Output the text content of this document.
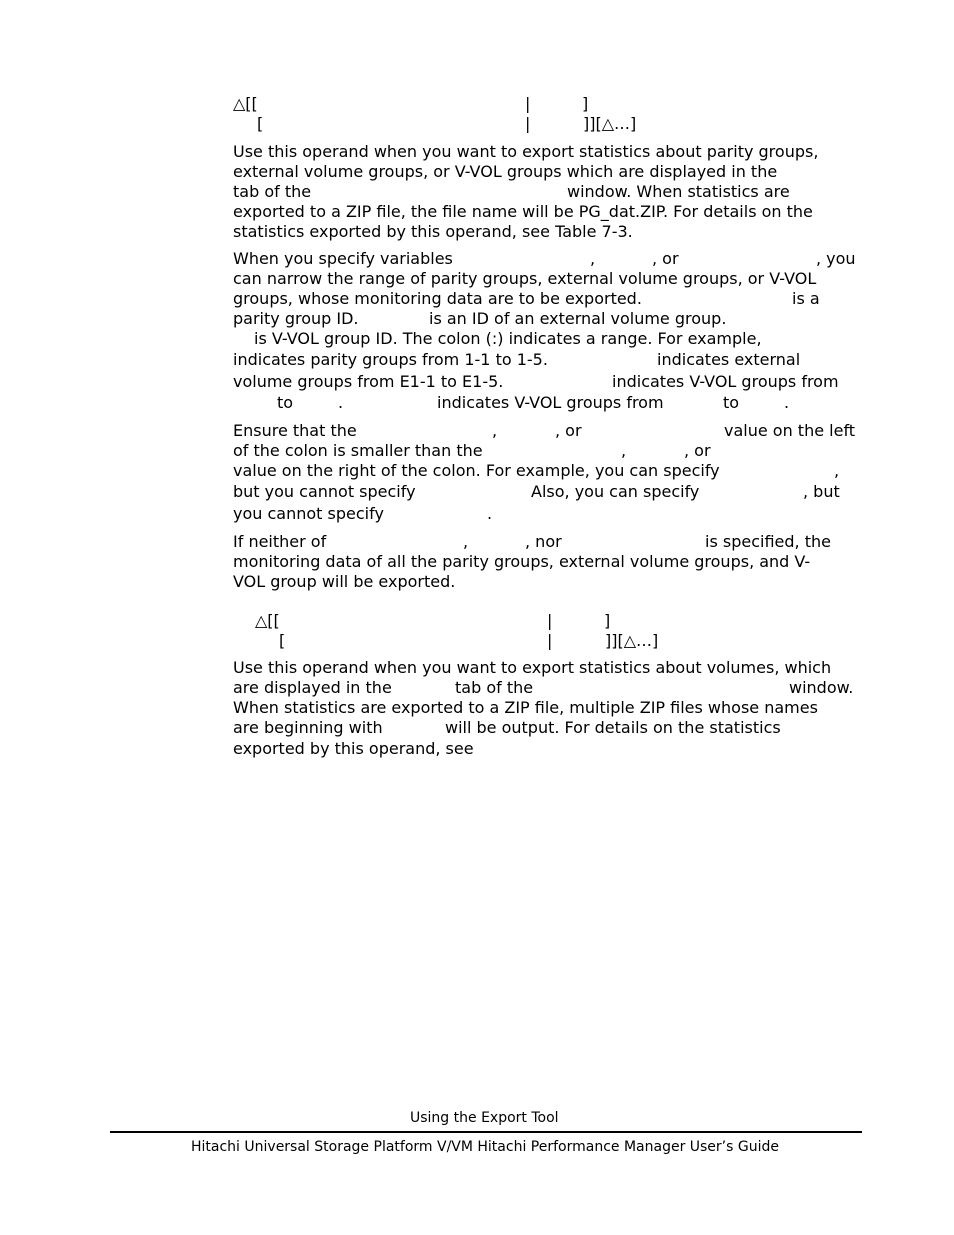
△[[	|	]
[	|	]][△…]
Use this operand when you want to export statistics about parity groups,
external volume groups, or V-VOL groups which are displayed in the
tab of the	window. When statistics are
exported to a ZIP file, the file name will be PG_dat.ZIP. For details on the
statistics exported by this operand, see Table 7-3.
When you specify variables	,	, or	, you
can narrow the range of parity groups, external volume groups, or V-VOL
groups, whose monitoring data are to be exported.	is a
parity group ID.	is an ID of an external volume group.
is V-VOL group ID. The colon (:) indicates a range. For example,
indicates parity groups from 1-1 to 1-5.	indicates external
volume groups from E1-1 to E1-5.	indicates V-VOL groups from
to	.	indicates V-VOL groups from	to	.
Ensure that the	,	, or	value on the left
of the colon is smaller than the	,	, or
value on the right of the colon. For example, you can specify	,
but you cannot specify	Also, you can specify	, but
you cannot specify	.
If neither of	,	, nor	is specified, the
monitoring data of all the parity groups, external volume groups, and V-
VOL group will be exported.
△[[	|	]
[	|	]][△…]
Use this operand when you want to export statistics about volumes, which
are displayed in the	tab of the	window.
When statistics are exported to a ZIP file, multiple ZIP files whose names
are beginning with	will be output. For details on the statistics
exported by this operand, see
Using the Export Tool
Hitachi Universal Storage Platform V/VM Hitachi Performance Manager User’s Guide
